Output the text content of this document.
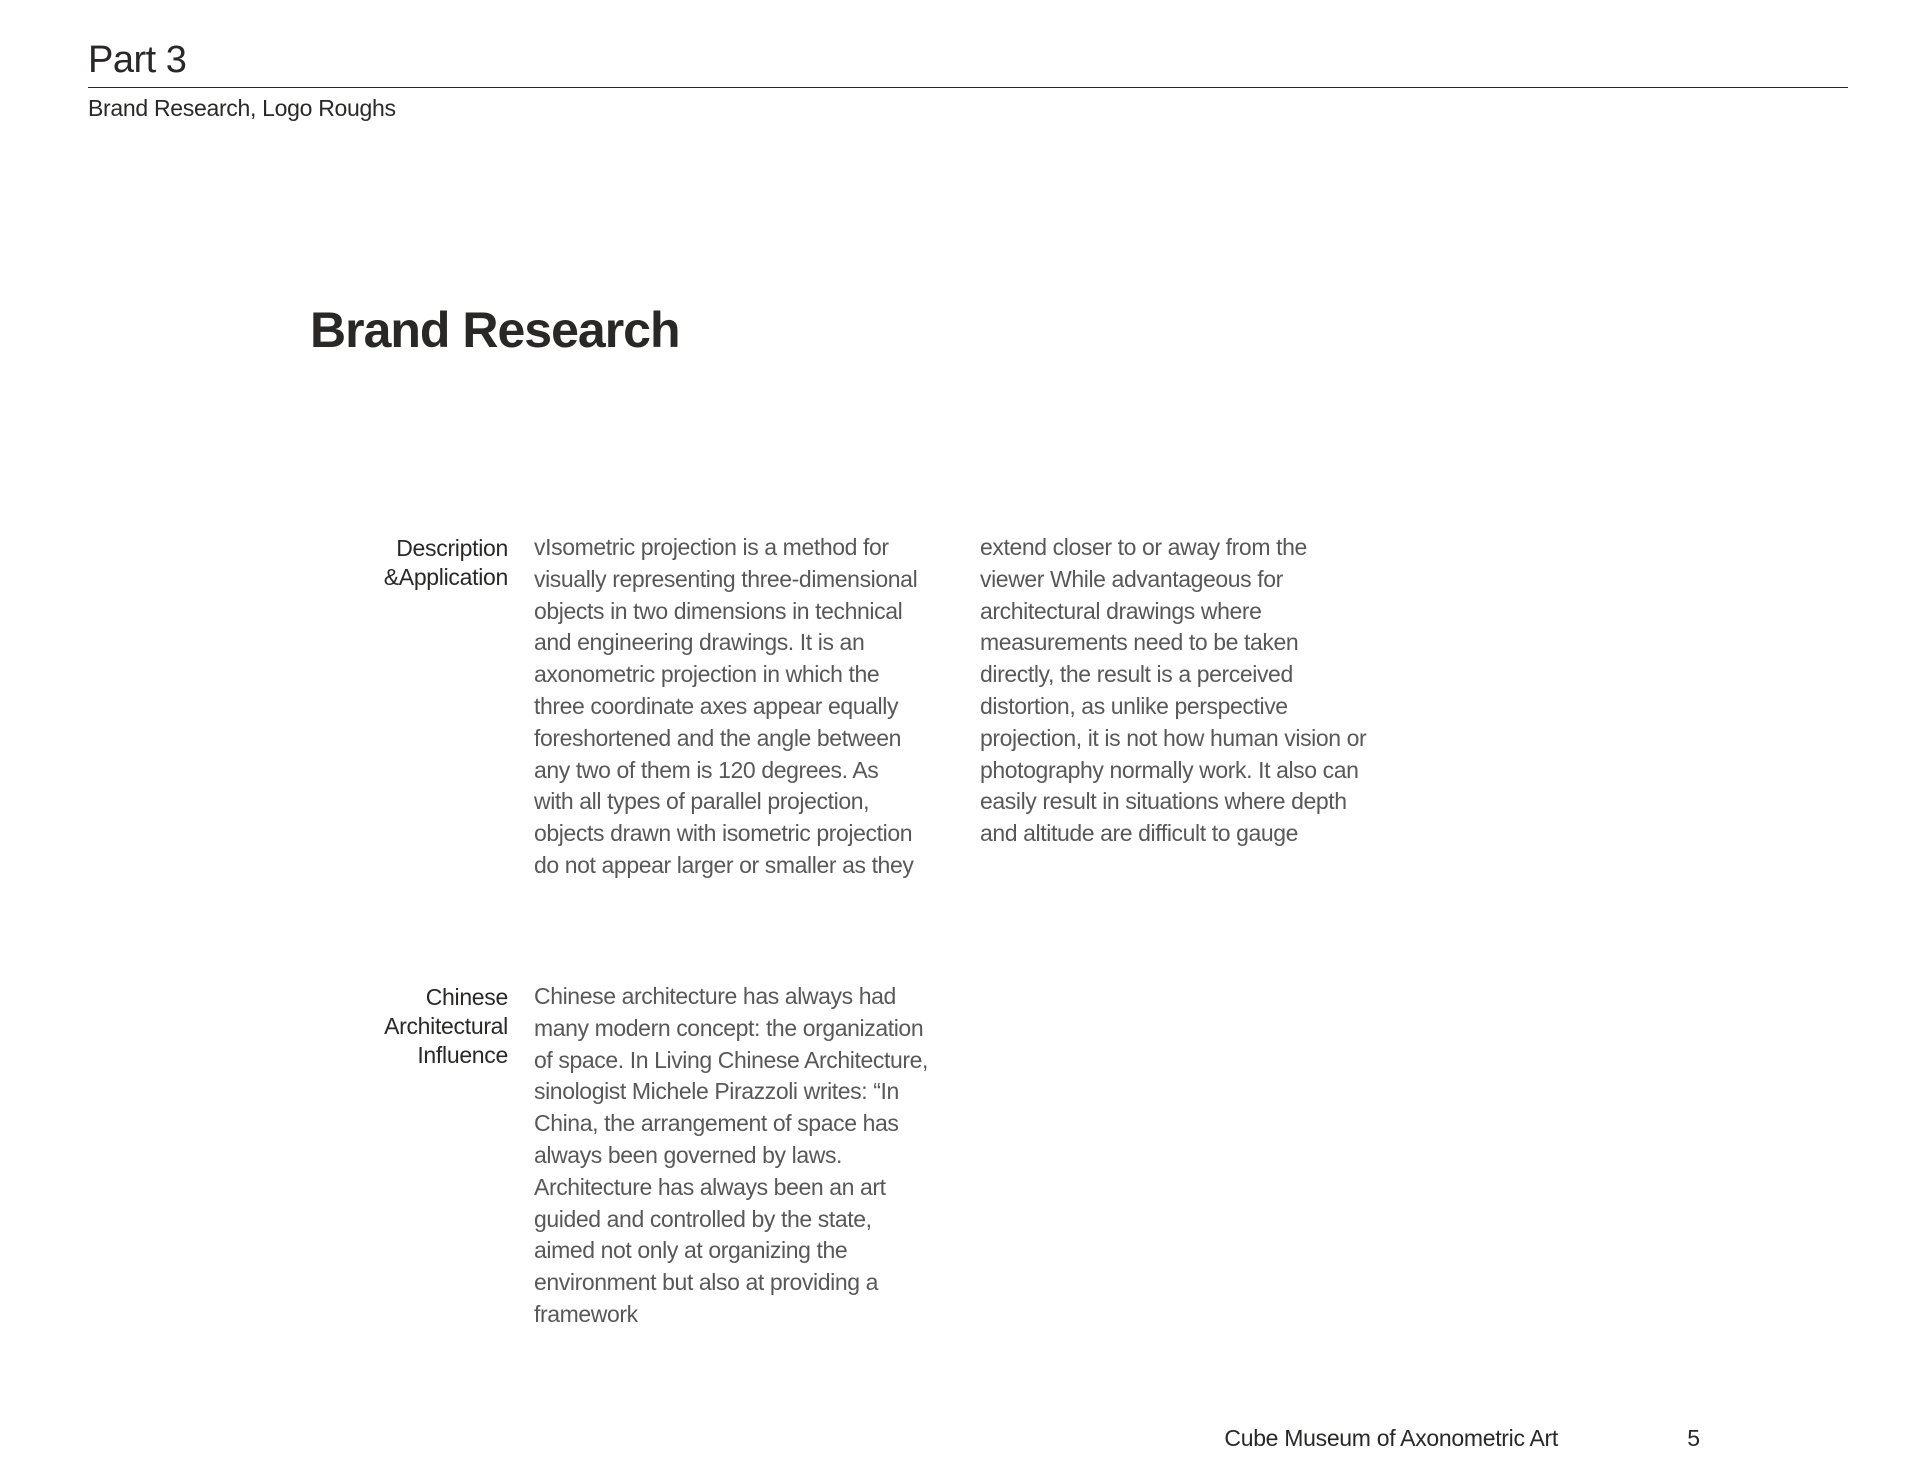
Part 3
Brand Research, Logo Roughs
Brand Research
Description
&Application
vIsometric projection is a method for
visually representing three-dimensional
objects in two dimensions in technical
and engineering drawings. It is an
axonometric projection in which the
three coordinate axes appear equally
foreshortened and the angle between
any two of them is 120 degrees. As
with all types of parallel projection,
objects drawn with isometric projection
do not appear larger or smaller as they
extend closer to or away from the
viewer While advantageous for
architectural drawings where
measurements need to be taken
directly, the result is a perceived
distortion, as unlike perspective
projection, it is not how human vision or
photography normally work. It also can
easily result in situations where depth
and altitude are difficult to gauge
Chinese
Architectural
Influence
Chinese architecture has always had
many modern concept: the organization
of space. In Living Chinese Architecture,
sinologist Michele Pirazzoli writes: “In
China, the arrangement of space has
always been governed by laws.
Architecture has always been an art
guided and controlled by the state,
aimed not only at organizing the
environment but also at providing a
framework
Cube Museum of Axonometric Art	5
